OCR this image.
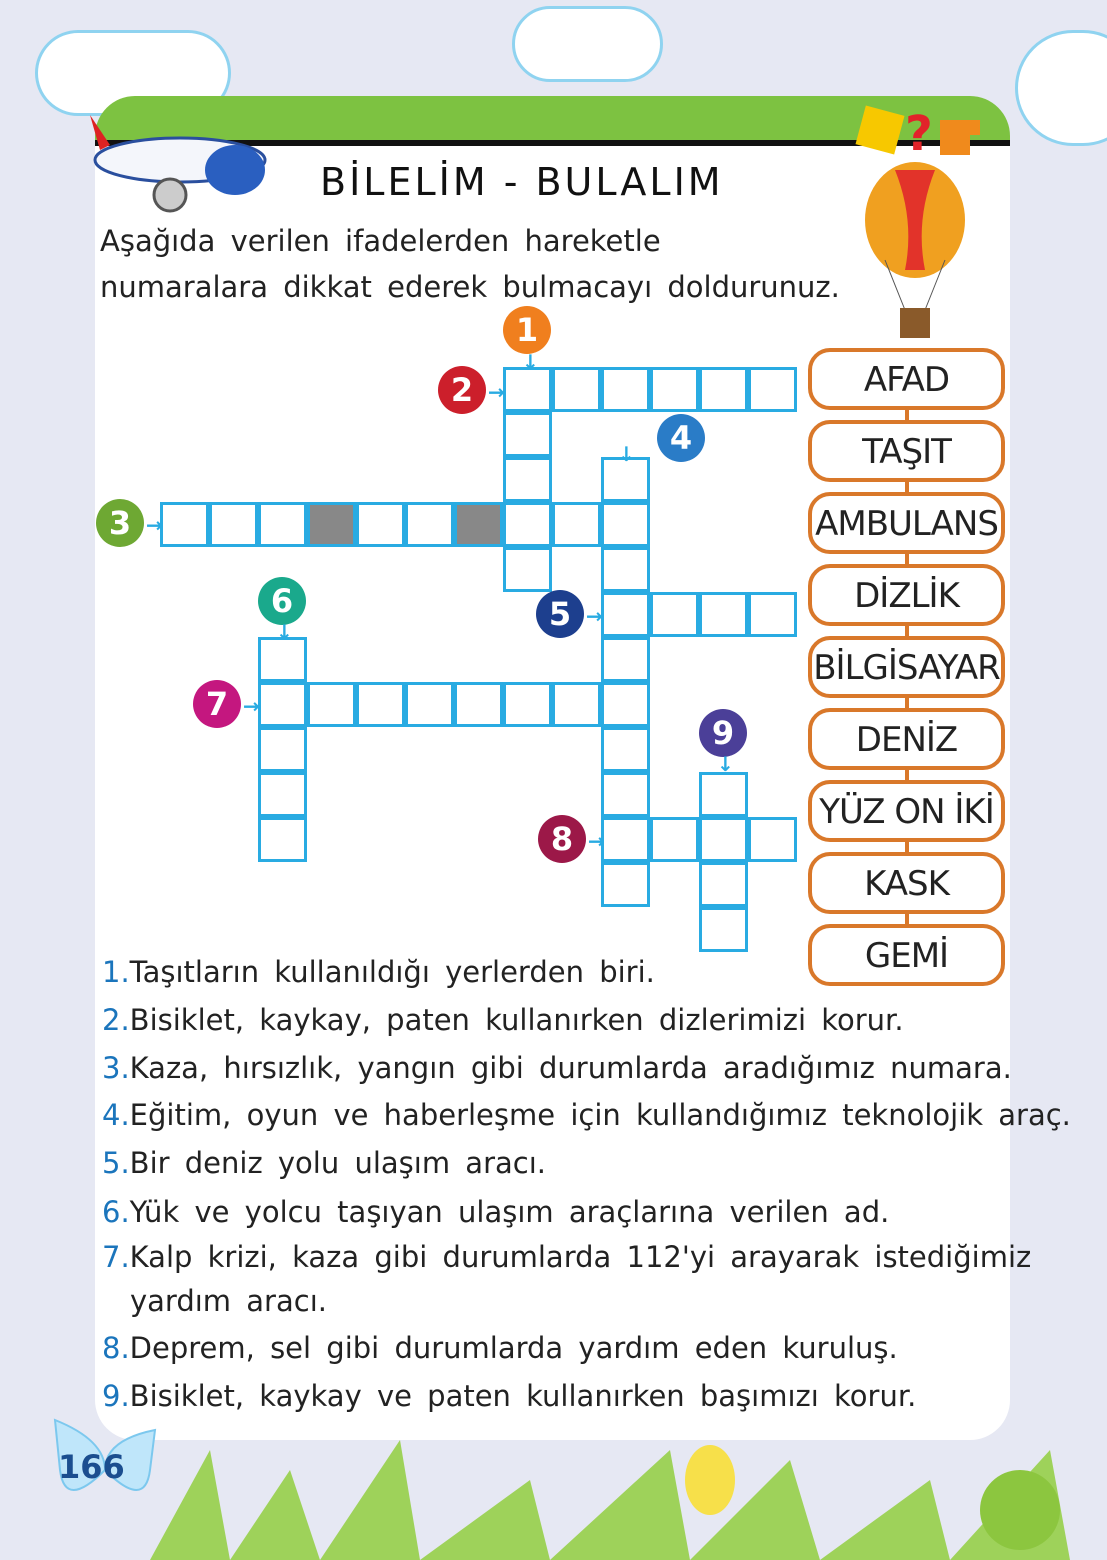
?
BİLELİM - BULALIM
Aşağıda verilen ifadelerden hareketle numaralara dikkat ederek bulmacayı doldurunuz.
1
↓
2 →
3 →
4
↓
5 →
6
↓
7 →
8 →
9
↓
AFAD
TAŞIT
AMBULANS
DİZLİK
BİLGİSAYAR
DENİZ
YÜZ ON İKİ
KASK
GEMİ
1.Taşıtların kullanıldığı yerlerden biri.
2.Bisiklet, kaykay, paten kullanırken dizlerimizi korur.
3.Kaza, hırsızlık, yangın gibi durumlarda aradığımız numara.
4.Eğitim, oyun ve haberleşme için kullandığımız teknolojik araç.
5.Bir deniz yolu ulaşım aracı.
6.Yük ve yolcu taşıyan ulaşım araçlarına verilen ad.
7.Kalp krizi, kaza gibi durumlarda 112'yi arayarak istediğimiz
yardım aracı.
8.Deprem, sel gibi durumlarda yardım eden kuruluş.
9.Bisiklet, kaykay ve paten kullanırken başımızı korur.
166
